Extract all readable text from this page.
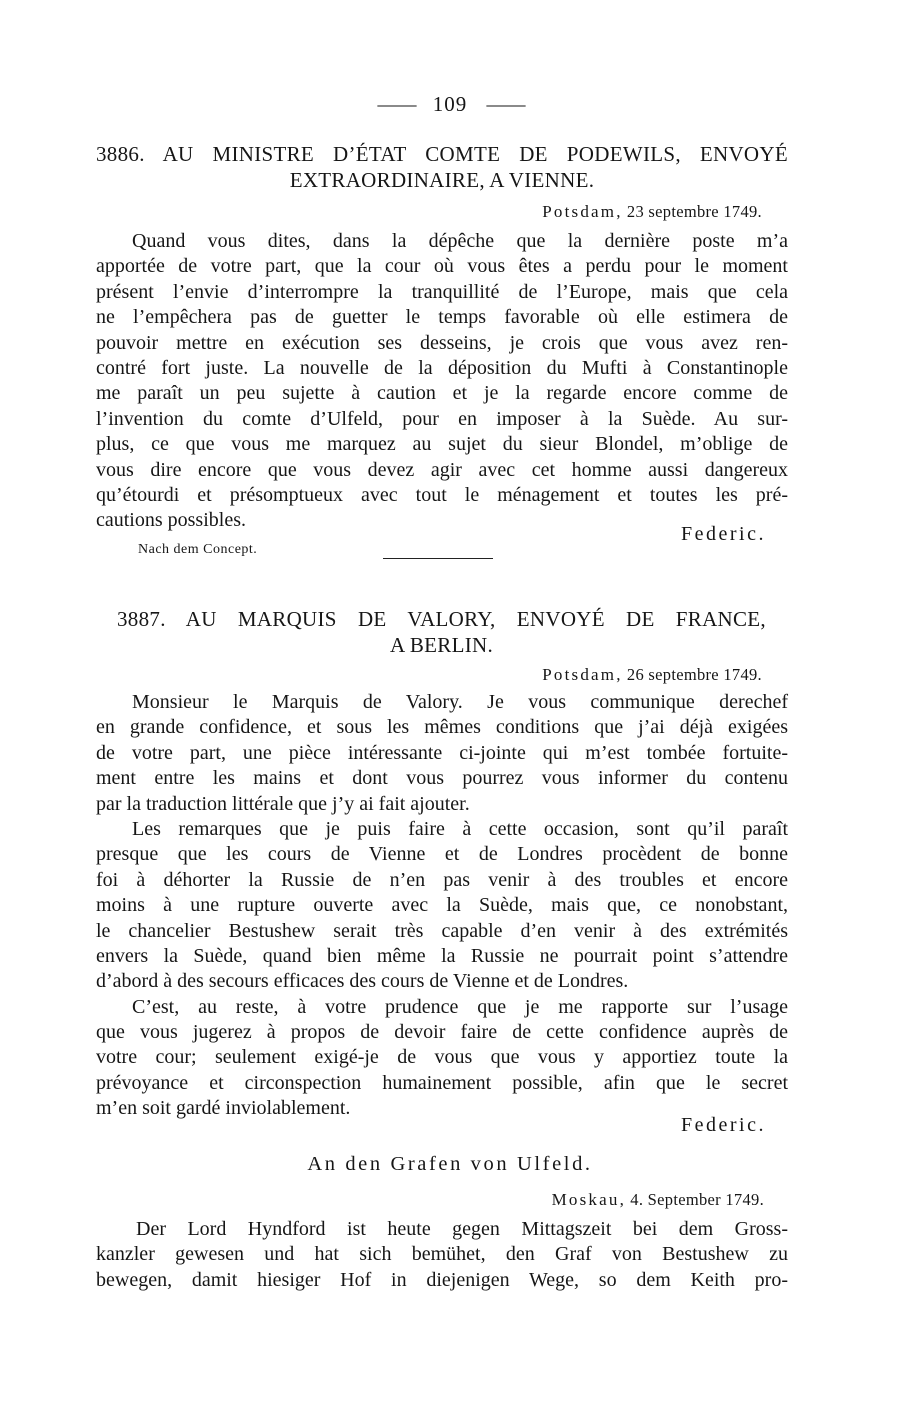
—— 109 ——
3886. AU MINISTRE D’ÉTAT COMTE DE PODEWILS, ENVOYÉ
EXTRAORDINAIRE, A VIENNE.
Potsdam, 23 septembre 1749.
Quand vous dites, dans la dépêche que la dernière poste m’a
apportée de votre part, que la cour où vous êtes a perdu pour le moment
présent l’envie d’interrompre la tranquillité de l’Europe, mais que cela
ne l’empêchera pas de guetter le temps favorable où elle estimera de
pouvoir mettre en exécution ses desseins, je crois que vous avez ren-
contré fort juste. La nouvelle de la déposition du Mufti à Constantinople
me paraît un peu sujette à caution et je la regarde encore comme de
l’invention du comte d’Ulfeld, pour en imposer à la Suède. Au sur-
plus, ce que vous me marquez au sujet du sieur Blondel, m’oblige de
vous dire encore que vous devez agir avec cet homme aussi dangereux
qu’étourdi et présomptueux avec tout le ménagement et toutes les pré-
cautions possibles.
Federic.
Nach dem Concept.
3887. AU MARQUIS DE VALORY, ENVOYÉ DE FRANCE,
A BERLIN.
Potsdam, 26 septembre 1749.
Monsieur le Marquis de Valory. Je vous communique derechef
en grande confidence, et sous les mêmes conditions que j’ai déjà exigées
de votre part, une pièce intéressante ci-jointe qui m’est tombée fortuite-
ment entre les mains et dont vous pourrez vous informer du contenu
par la traduction littérale que j’y ai fait ajouter.
Les remarques que je puis faire à cette occasion, sont qu’il paraît
presque que les cours de Vienne et de Londres procèdent de bonne
foi à déhorter la Russie de n’en pas venir à des troubles et encore
moins à une rupture ouverte avec la Suède, mais que, ce nonobstant,
le chancelier Bestushew serait très capable d’en venir à des extrémités
envers la Suède, quand bien même la Russie ne pourrait point s’attendre
d’abord à des secours efficaces des cours de Vienne et de Londres.
C’est, au reste, à votre prudence que je me rapporte sur l’usage
que vous jugerez à propos de devoir faire de cette confidence auprès de
votre cour; seulement exigé-je de vous que vous y apportiez toute la
prévoyance et circonspection humainement possible, afin que le secret
m’en soit gardé inviolablement.
Federic.
An den Grafen von Ulfeld.
Moskau, 4. September 1749.
Der Lord Hyndford ist heute gegen Mittagszeit bei dem Gross-
kanzler gewesen und hat sich bemühet, den Graf von Bestushew zu
bewegen, damit hiesiger Hof in diejenigen Wege, so dem Keith pro-
